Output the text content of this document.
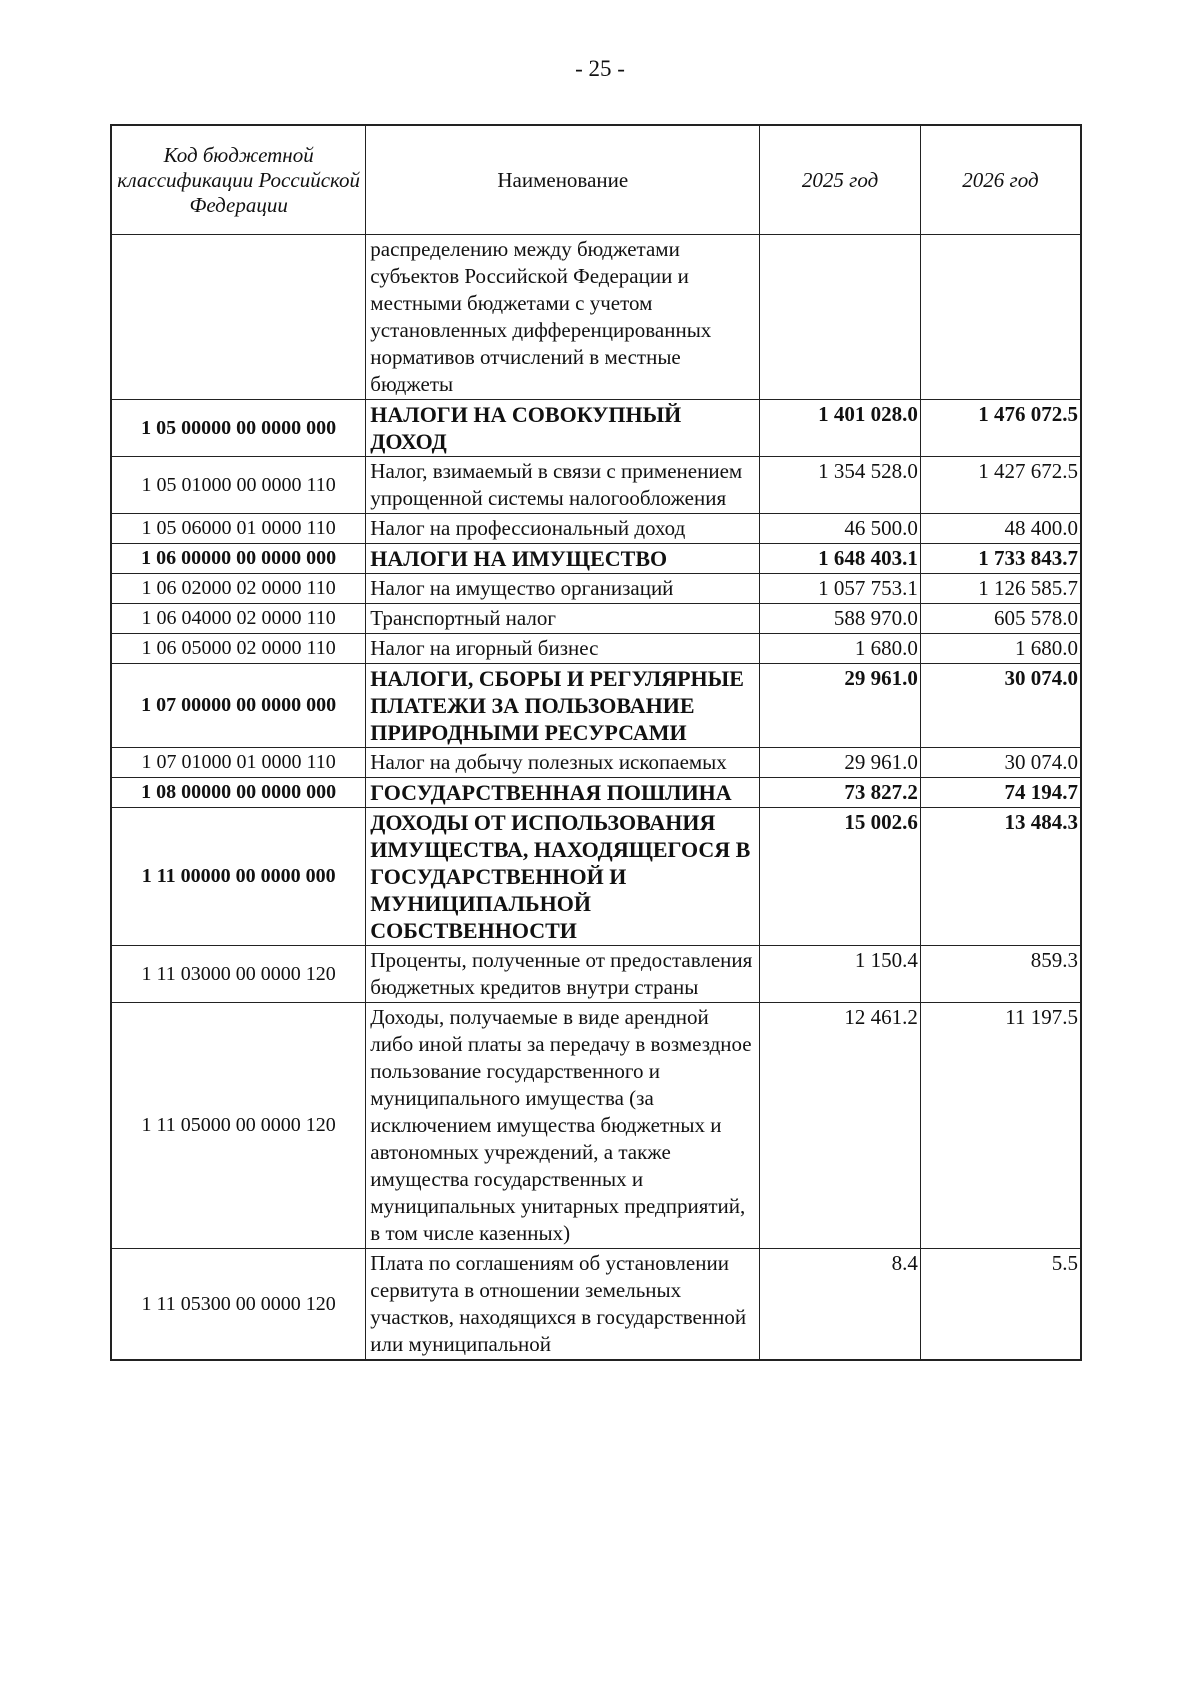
- 25 -
Код бюджетной классификации Российской Федерации	Наименование	2025 год	2026 год
	распределению между бюджетами субъектов Российской Федерации и местными бюджетами с учетом установленных дифференцированных нормативов отчислений в местные бюджеты		
1 05 00000 00 0000 000	НАЛОГИ НА СОВОКУПНЫЙ ДОХОД	1 401 028.0	1 476 072.5
1 05 01000 00 0000 110	Налог, взимаемый в связи с применением упрощенной системы налогообложения	1 354 528.0	1 427 672.5
1 05 06000 01 0000 110	Налог на профессиональный доход	46 500.0	48 400.0
1 06 00000 00 0000 000	НАЛОГИ НА ИМУЩЕСТВО	1 648 403.1	1 733 843.7
1 06 02000 02 0000 110	Налог на имущество организаций	1 057 753.1	1 126 585.7
1 06 04000 02 0000 110	Транспортный налог	588 970.0	605 578.0
1 06 05000 02 0000 110	Налог на игорный бизнес	1 680.0	1 680.0
1 07 00000 00 0000 000	НАЛОГИ, СБОРЫ И РЕГУЛЯРНЫЕ ПЛАТЕЖИ ЗА ПОЛЬЗОВАНИЕ ПРИРОДНЫМИ РЕСУРСАМИ	29 961.0	30 074.0
1 07 01000 01 0000 110	Налог на добычу полезных ископаемых	29 961.0	30 074.0
1 08 00000 00 0000 000	ГОСУДАРСТВЕННАЯ ПОШЛИНА	73 827.2	74 194.7
1 11 00000 00 0000 000	ДОХОДЫ ОТ ИСПОЛЬЗОВАНИЯ ИМУЩЕСТВА, НАХОДЯЩЕГОСЯ В ГОСУДАРСТВЕННОЙ И МУНИЦИПАЛЬНОЙ СОБСТВЕННОСТИ	15 002.6	13 484.3
1 11 03000 00 0000 120	Проценты, полученные от предоставления бюджетных кредитов внутри страны	1 150.4	859.3
1 11 05000 00 0000 120	Доходы, получаемые в виде арендной либо иной платы за передачу в возмездное пользование государственного и муниципального имущества (за исключением имущества бюджетных и автономных учреждений, а также имущества государственных и муниципальных унитарных предприятий, в том числе казенных)	12 461.2	11 197.5
1 11 05300 00 0000 120	Плата по соглашениям об установлении сервитута в отношении земельных участков, находящихся в государственной или муниципальной	8.4	5.5
